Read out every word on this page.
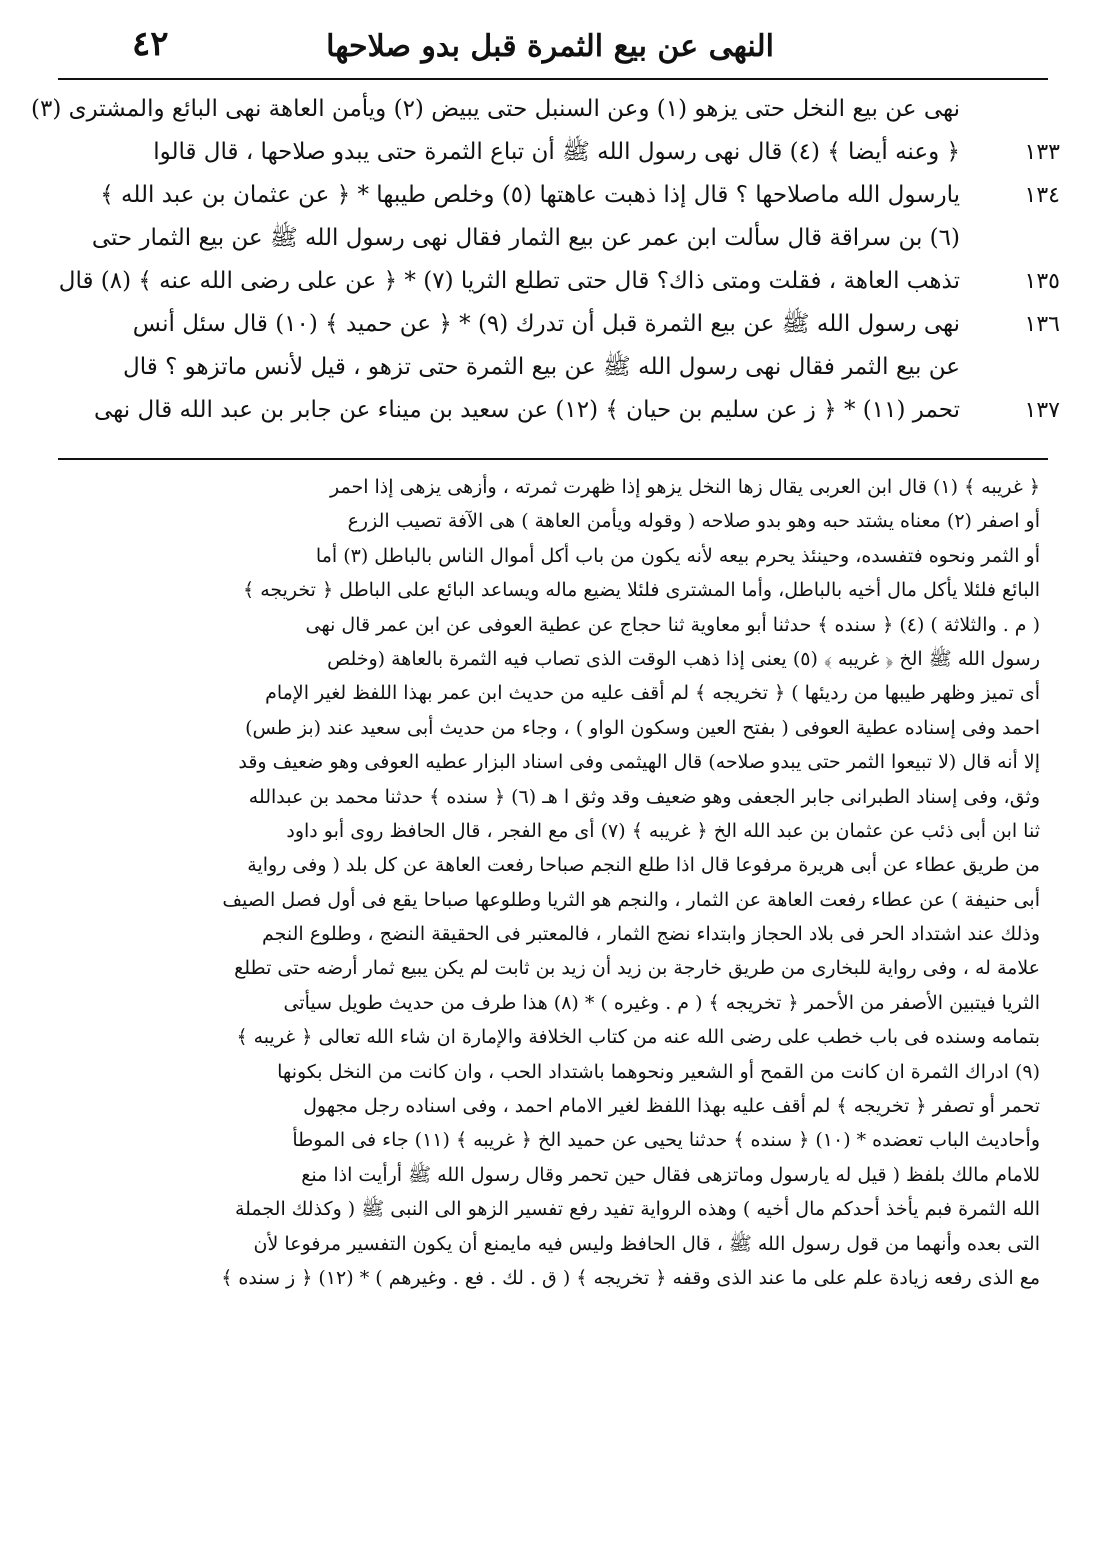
النهى عن بيع الثمرة قبل بدو صلاحها
٤٢
نهى عن بيع النخل حتى يزهو (١) وعن السنبل حتى يبيض (٢) ويأمن العاهة نهى البائع والمشترى (٣)
﴿ وعنه أيضا ﴾ (٤) قال نهى رسول الله ﷺ أن تباع الثمرة حتى يبدو صلاحها ، قال قالوا
يارسول الله ماصلاحها ؟ قال إذا ذهبت عاهتها (٥) وخلص طيبها * ﴿ عن عثمان بن عبد الله ﴾
(٦) بن سراقة قال سألت ابن عمر عن بيع الثمار فقال نهى رسول الله ﷺ عن بيع الثمار حتى
تذهب العاهة ، فقلت ومتى ذاك؟ قال حتى تطلع الثريا (٧) * ﴿ عن على رضى الله عنه ﴾ (٨) قال
نهى رسول الله ﷺ عن بيع الثمرة قبل أن تدرك (٩) * ﴿ عن حميد ﴾ (١٠) قال سئل أنس
عن بيع الثمر فقال نهى رسول الله ﷺ عن بيع الثمرة حتى تزهو ، قيل لأنس ماتزهو ؟ قال
تحمر (١١) * ﴿ ز عن سليم بن حيان ﴾ (١٢) عن سعيد بن ميناء عن جابر بن عبد الله قال نهى
١٣٣
١٣٤
١٣٥
١٣٦
١٣٧
﴿ غريبه ﴾ (١) قال ابن العربى يقال زها النخل يزهو إذا ظهرت ثمرته ، وأزهى يزهى إذا احمر
أو اصفر (٢) معناه يشتد حبه وهو بدو صلاحه ( وقوله ويأمن العاهة ) هى الآفة تصيب الزرع
أو الثمر ونحوه فتفسده، وحينئذ يحرم بيعه لأنه يكون من باب أكل أموال الناس بالباطل (٣) أما
البائع فلئلا يأكل مال أخيه بالباطل، وأما المشترى فلئلا يضيع ماله ويساعد البائع على الباطل ﴿ تخريجه ﴾
( م . والثلاثة ) (٤) ﴿ سنده ﴾ حدثنا أبو معاوية ثنا حجاج عن عطية العوفى عن ابن عمر قال نهى
رسول الله ﷺ الخ ﴿ غريبه ﴾ (٥) يعنى إذا ذهب الوقت الذى تصاب فيه الثمرة بالعاهة (وخلص
أى تميز وظهر طيبها من رديئها ) ﴿ تخريجه ﴾ لم أقف عليه من حديث ابن عمر بهذا اللفظ لغير الإمام
احمد وفى إسناده عطية العوفى ( بفتح العين وسكون الواو ) ، وجاء من حديث أبى سعيد عند (بز طس)
إلا أنه قال (لا تبيعوا الثمر حتى يبدو صلاحه) قال الهيثمى وفى اسناد البزار عطيه العوفى وهو ضعيف وقد
وثق، وفى إسناد الطبرانى جابر الجعفى وهو ضعيف وقد وثق ا هـ (٦) ﴿ سنده ﴾ حدثنا محمد بن عبدالله
ثنا ابن أبى ذئب عن عثمان بن عبد الله الخ ﴿ غريبه ﴾ (٧) أى مع الفجر ، قال الحافظ روى أبو داود
من طريق عطاء عن أبى هريرة مرفوعا قال اذا طلع النجم صباحا رفعت العاهة عن كل بلد ( وفى رواية
أبى حنيفة ) عن عطاء رفعت العاهة عن الثمار ، والنجم هو الثريا وطلوعها صباحا يقع فى أول فصل الصيف
وذلك عند اشتداد الحر فى بلاد الحجاز وابتداء نضج الثمار ، فالمعتبر فى الحقيقة النضج ، وطلوع النجم
علامة له ، وفى رواية للبخارى من طريق خارجة بن زيد أن زيد بن ثابت لم يكن يبيع ثمار أرضه حتى تطلع
الثريا فيتبين الأصفر من الأحمر ﴿ تخريجه ﴾ ( م . وغيره ) * (٨) هذا طرف من حديث طويل سيأتى
بتمامه وسنده فى باب خطب على رضى الله عنه من كتاب الخلافة والإمارة ان شاء الله تعالى ﴿ غريبه ﴾
(٩) ادراك الثمرة ان كانت من القمح أو الشعير ونحوهما باشتداد الحب ، وان كانت من النخل بكونها
تحمر أو تصفر ﴿ تخريجه ﴾ لم أقف عليه بهذا اللفظ لغير الامام احمد ، وفى اسناده رجل مجهول
وأحاديث الباب تعضده * (١٠) ﴿ سنده ﴾ حدثنا يحيى عن حميد الخ ﴿ غريبه ﴾ (١١) جاء فى الموطأ
للامام مالك بلفظ ( قيل له يارسول وماتزهى فقال حين تحمر وقال رسول الله ﷺ أرأيت اذا منع
الله الثمرة فبم يأخذ أحدكم مال أخيه ) وهذه الرواية تفيد رفع تفسير الزهو الى النبى ﷺ ( وكذلك الجملة
التى بعده وأنهما من قول رسول الله ﷺ ، قال الحافظ وليس فيه مايمنع أن يكون التفسير مرفوعا لأن
مع الذى رفعه زيادة علم على ما عند الذى وقفه ﴿ تخريجه ﴾ ( ق . لك . فع . وغيرهم ) * (١٢) ﴿ ز سنده ﴾
